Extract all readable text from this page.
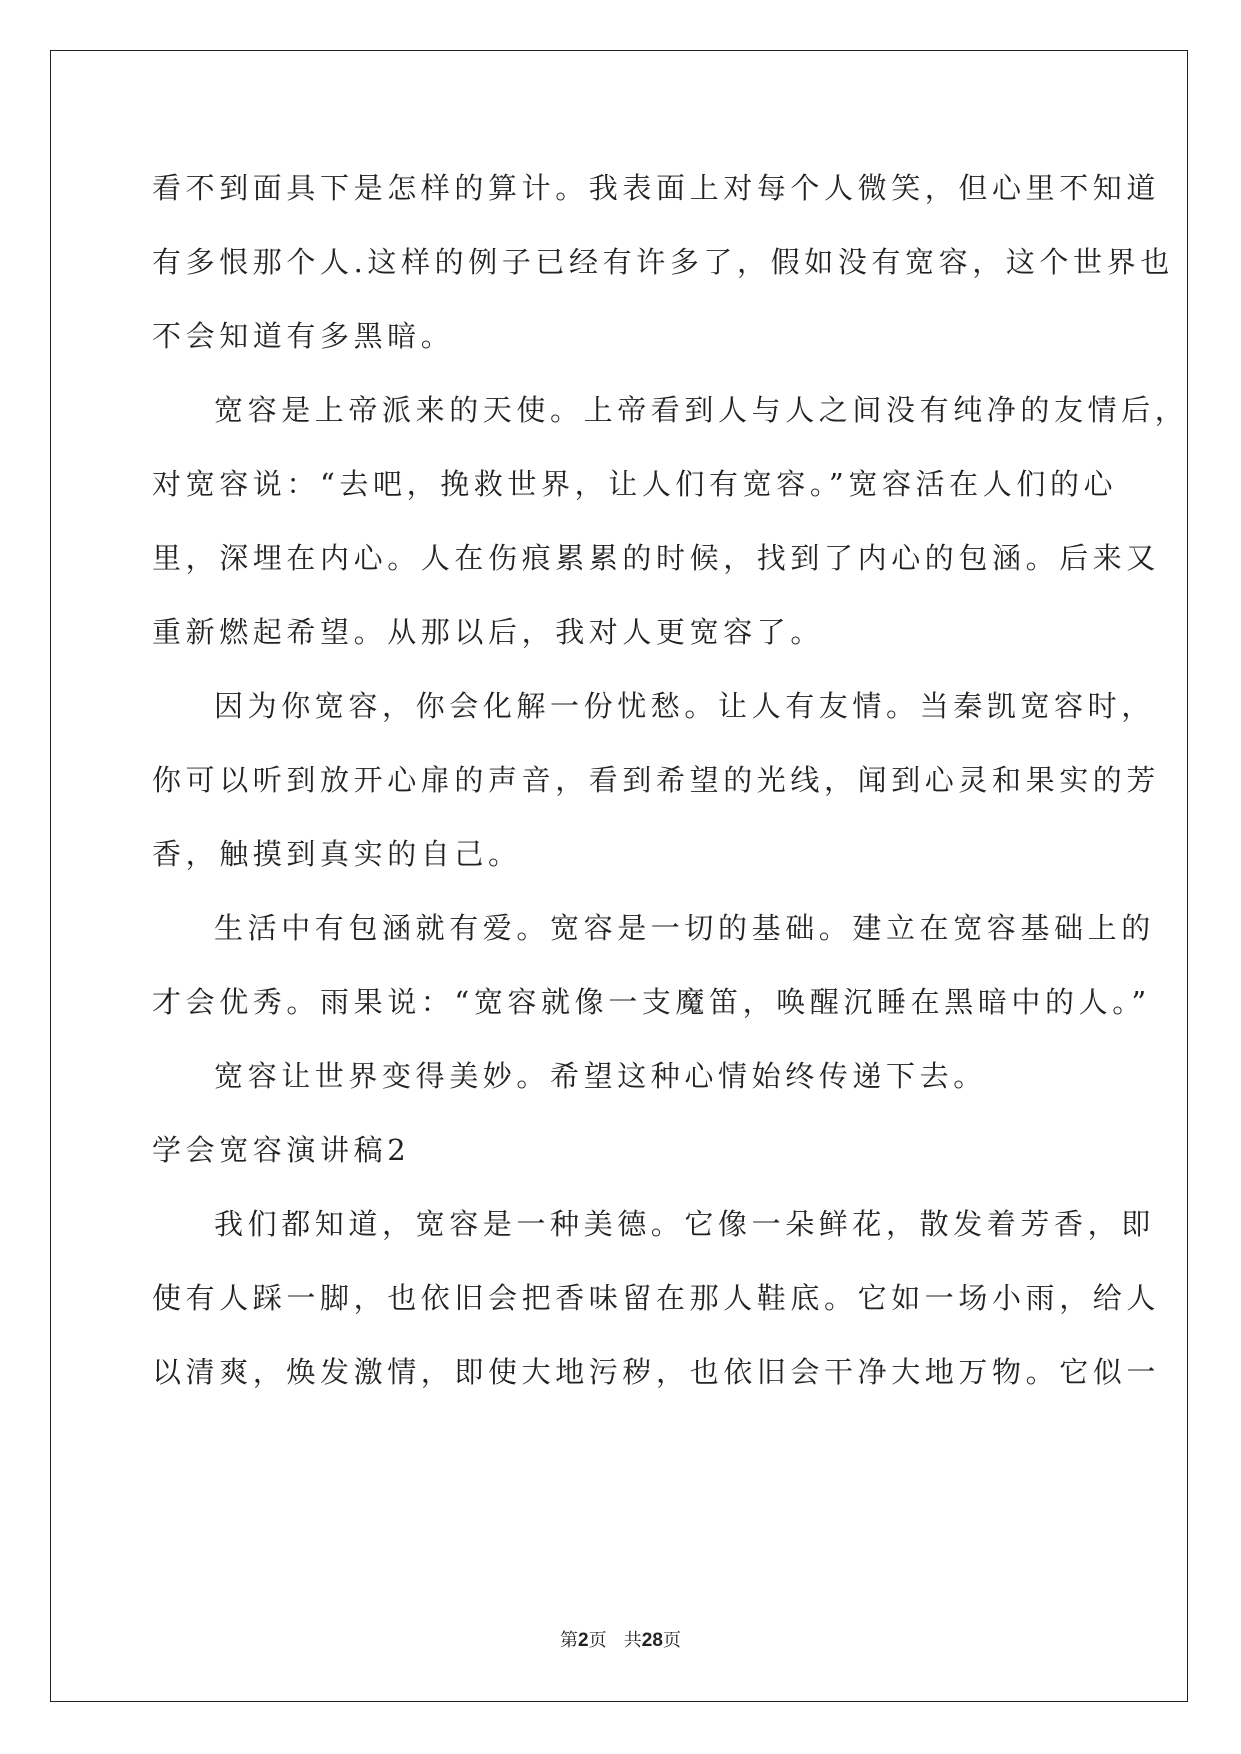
看不到面具下是怎样的算计。我表面上对每个人微笑，但心里不知道
有多恨那个人.这样的例子已经有许多了，假如没有宽容，这个世界也
不会知道有多黑暗。
宽容是上帝派来的天使。上帝看到人与人之间没有纯净的友情后，
对宽容说：“去吧，挽救世界，让人们有宽容。”宽容活在人们的心
里，深埋在内心。人在伤痕累累的时候，找到了内心的包涵。后来又
重新燃起希望。从那以后，我对人更宽容了。
因为你宽容，你会化解一份忧愁。让人有友情。当秦凯宽容时，
你可以听到放开心扉的声音，看到希望的光线，闻到心灵和果实的芳
香，触摸到真实的自己。
生活中有包涵就有爱。宽容是一切的基础。建立在宽容基础上的
才会优秀。雨果说：“宽容就像一支魔笛，唤醒沉睡在黑暗中的人。”
宽容让世界变得美妙。希望这种心情始终传递下去。
学会宽容演讲稿2
我们都知道，宽容是一种美德。它像一朵鲜花，散发着芳香，即
使有人踩一脚，也依旧会把香味留在那人鞋底。它如一场小雨，给人
以清爽，焕发激情，即使大地污秽，也依旧会干净大地万物。它似一
第2页 共28页
